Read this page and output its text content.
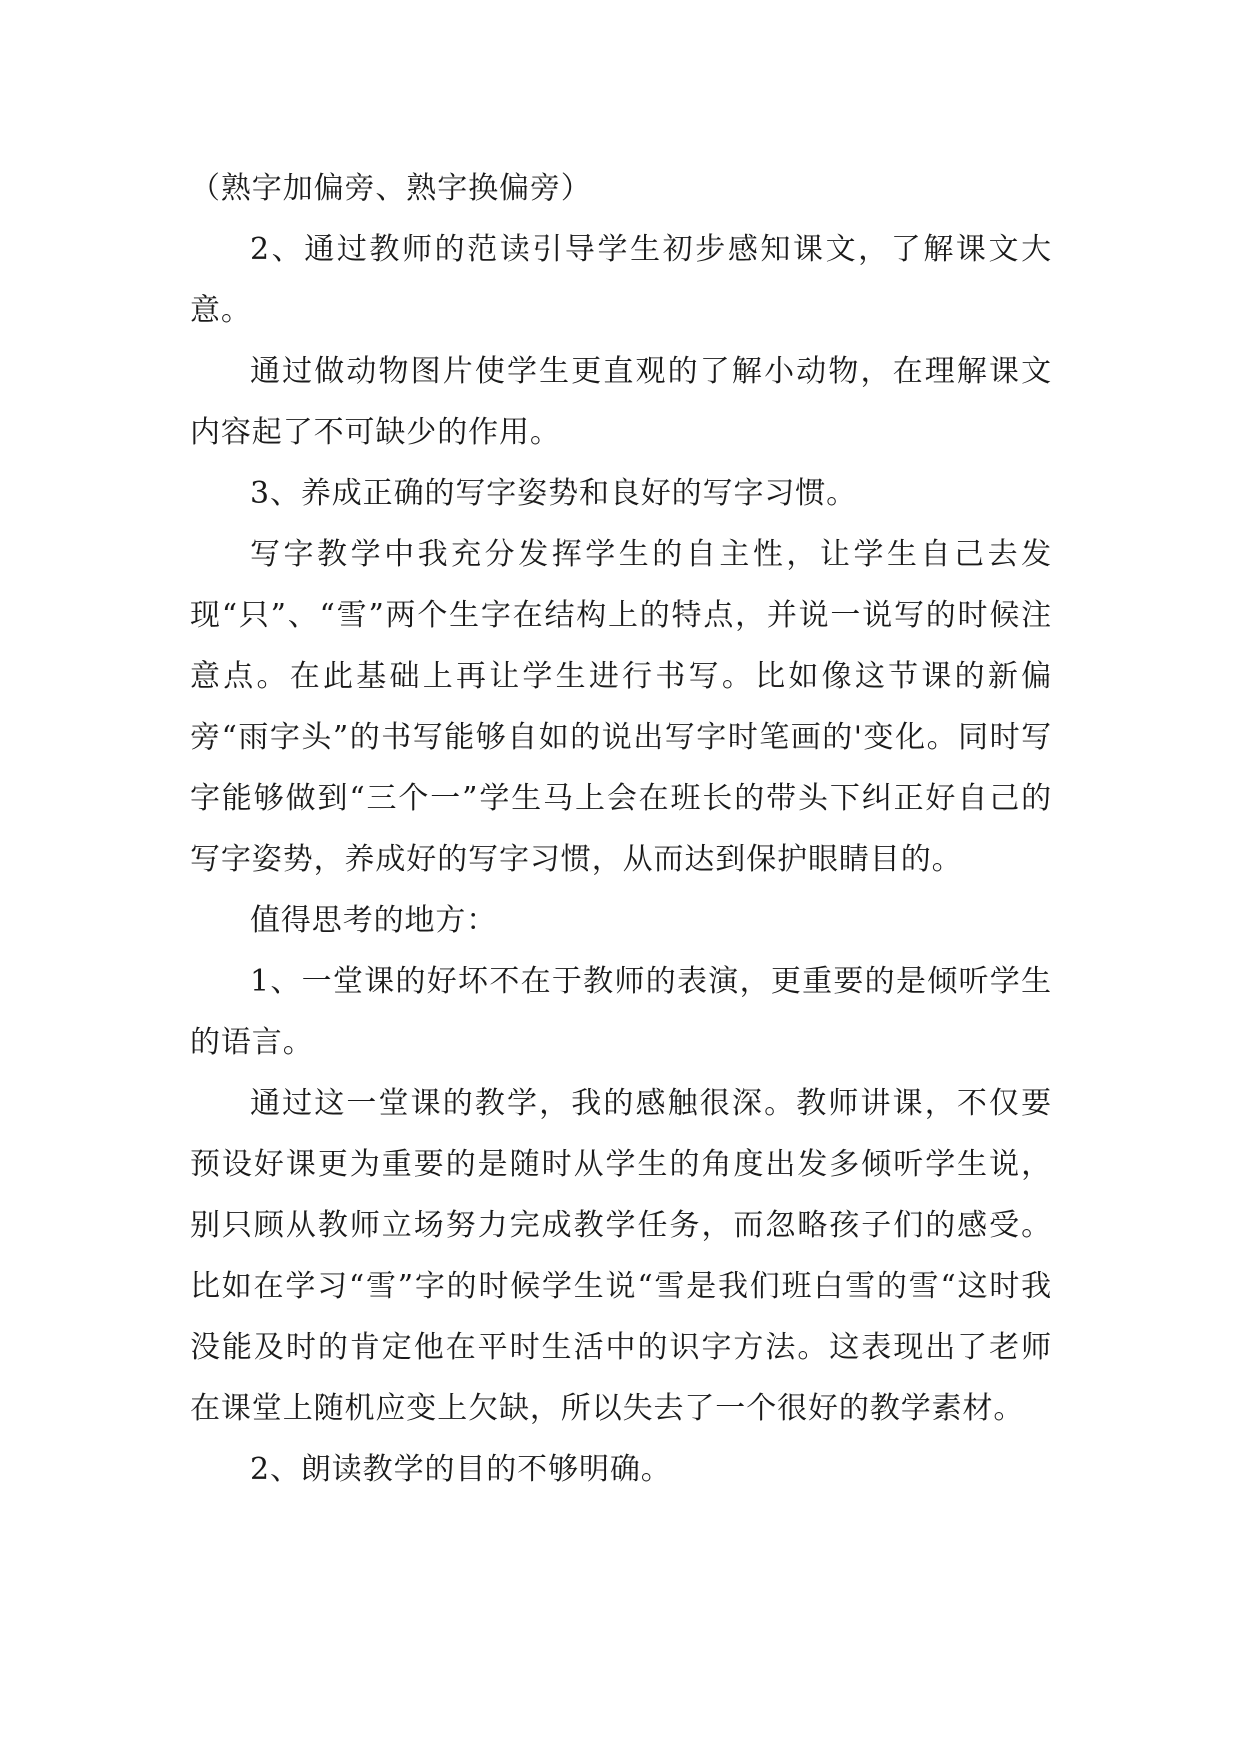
（熟字加偏旁、熟字换偏旁）

2、通过教师的范读引导学生初步感知课文，了解课文大意。

通过做动物图片使学生更直观的了解小动物，在理解课文内容起了不可缺少的作用。

3、养成正确的写字姿势和良好的写字习惯。

写字教学中我充分发挥学生的自主性，让学生自己去发现“只”、“雪”两个生字在结构上的特点，并说一说写的时候注意点。在此基础上再让学生进行书写。比如像这节课的新偏旁“雨字头”的书写能够自如的说出写字时笔画的'变化。同时写字能够做到“三个一”学生马上会在班长的带头下纠正好自己的写字姿势，养成好的写字习惯，从而达到保护眼睛目的。

值得思考的地方：

1、一堂课的好坏不在于教师的表演，更重要的是倾听学生的语言。

通过这一堂课的教学，我的感触很深。教师讲课，不仅要预设好课更为重要的是随时从学生的角度出发多倾听学生说，别只顾从教师立场努力完成教学任务，而忽略孩子们的感受。比如在学习“雪”字的时候学生说“雪是我们班白雪的雪“这时我没能及时的肯定他在平时生活中的识字方法。这表现出了老师在课堂上随机应变上欠缺，所以失去了一个很好的教学素材。

2、朗读教学的目的不够明确。
